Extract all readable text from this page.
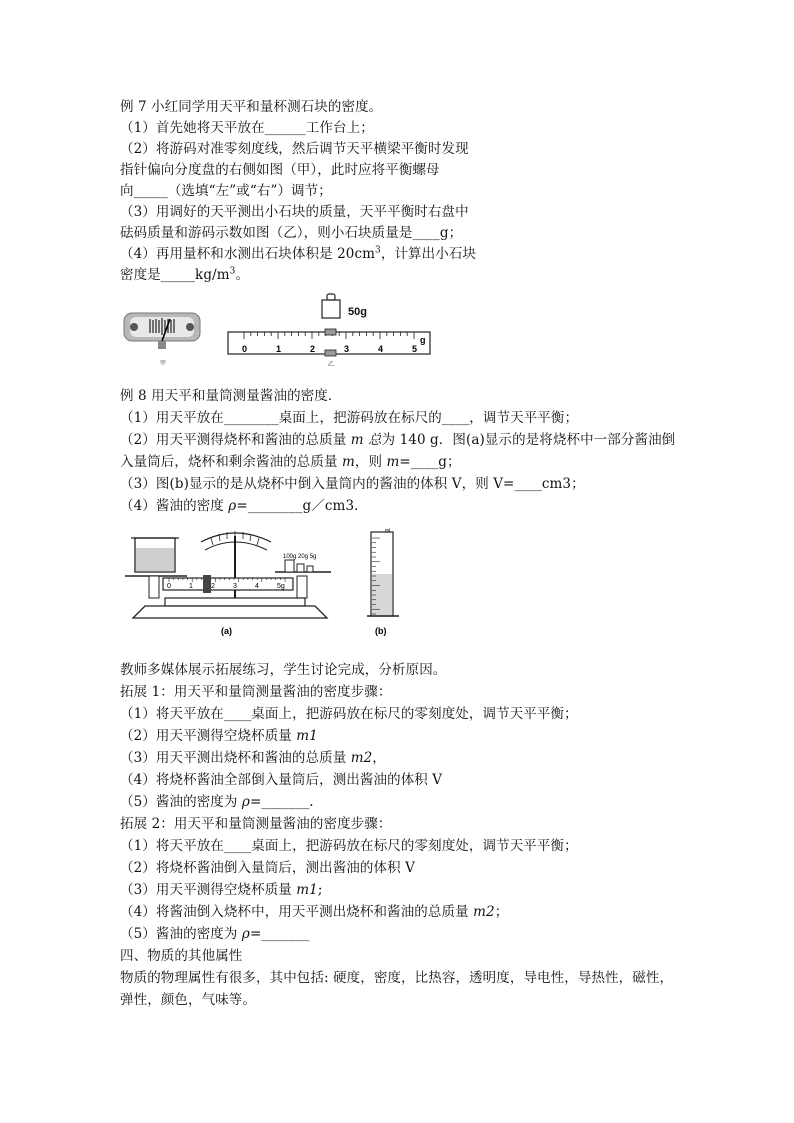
例 7 小红同学用天平和量杯测石块的密度。
（1）首先她将天平放在______工作台上；
（2）将游码对准零刻度线，然后调节天平横梁平衡时发现
指针偏向分度盘的右侧如图（甲），此时应将平衡螺母
向_____（选填“左”或“右”）调节；
（3）用调好的天平测出小石块的质量，天平平衡时右盘中
砝码质量和游码示数如图（乙），则小石块质量是____g；
（4）再用量杯和水测出石块体积是 $20cm^3$，计算出小石块
密度是$\_\_\_\_\_kg/m^3$。
甲
50g
0	1	2	3	4	5
g
乙
例 8 用天平和量筒测量酱油的密度．
（1）用天平放在________桌面上，把游码放在标尺的____，调节天平平衡；
（2）用天平测得烧杯和酱油的总质量 m 总为 140 g．图(a)显示的是将烧杯中一部分酱油倒
入量筒后，烧杯和剩余酱油的总质量 m，则 m=____g；
（3）图(b)显示的是从烧杯中倒入量筒内的酱油的体积 V，则 V=____cm3；
（4）酱油的密度 ρ=________g／cm3．
0	1	2	3	4	5g
100g 20g 5g
(a)
ml
(b)
教师多媒体展示拓展练习，学生讨论完成，分析原因。
拓展 1：用天平和量筒测量酱油的密度步骤：
（1）将天平放在____桌面上，把游码放在标尺的零刻度处，调节天平平衡；
（2）用天平测得空烧杯质量 m1
（3）用天平测出烧杯和酱油的总质量 m2，
（4）将烧杯酱油全部倒入量筒后，测出酱油的体积 V
（5）酱油的密度为 ρ=_______.
拓展 2：用天平和量筒测量酱油的密度步骤：
（1）将天平放在____桌面上，把游码放在标尺的零刻度处，调节天平平衡；
（2）将烧杯酱油倒入量筒后，测出酱油的体积 V
（3）用天平测得空烧杯质量 m1;
（4）将酱油倒入烧杯中，用天平测出烧杯和酱油的总质量 m2；
（5）酱油的密度为 ρ=_______
四、物质的其他属性
物质的物理属性有很多，其中包括: 硬度，密度，比热容，透明度，导电性，导热性，磁性，
弹性，颜色，气味等。
